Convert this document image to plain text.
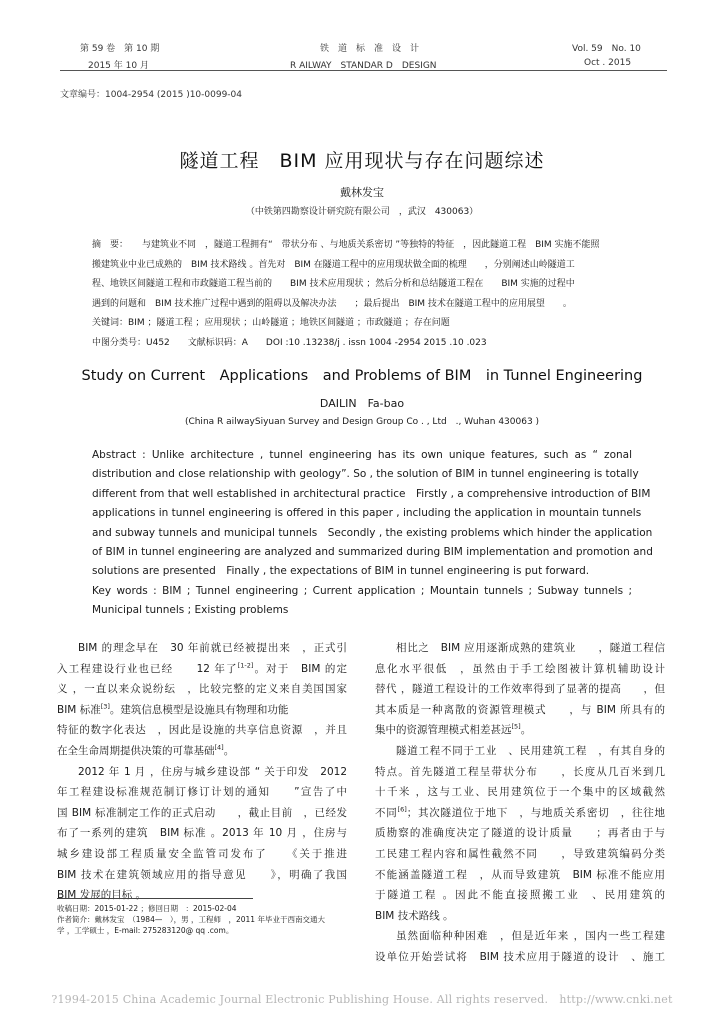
第 59 卷　第 10 期
2015 年 10 月
铁　道　标　准　设　计
R AILWAY　STANDAR D　DESIGN
Vol. 59　No. 10
Oct . 2015
文章编号：1004-2954 (2015 )10-0099-04
隧道工程　BIM 应用现状与存在问题综述
戴林发宝
（中铁第四勘察设计研究院有限公司　，武汉　430063）
摘　要： 与建筑业不同　，隧道工程拥有“　带状分布 、与地质关系密切 ”等独特的特征　，因此隧道工程　BIM 实施不能照
搬建筑业中业已成熟的　BIM 技术路线 。首先对　BIM 在隧道工程中的应用现状做全面的梳理　　，分别阐述山岭隧道工
程、地铁区间隧道工程和市政隧道工程当前的　　BIM 技术应用现状 ；然后分析和总结隧道工程在　　BIM 实施的过程中
遇到的问题和　BIM 技术推广过程中遇到的阻碍以及解决办法　　；最后提出　BIM 技术在隧道工程中的应用展望　　。
关键词：BIM ；隧道工程 ；应用现状 ；山岭隧道 ；地铁区间隧道 ；市政隧道 ；存在问题
中图分类号：U452　　文献标识码：A　　DOI :10 .13238/j . issn 1004 -2954 2015 .10 .023
Study on Current　Applications　and Problems of BIM　in Tunnel Engineering
DAILIN　Fa-bao
(China R ailwaySiyuan Survey and Design Group Co . , Ltd　., Wuhan 430063 )
Abstract : Unlike architecture , tunnel engineering has its own unique features, such as “ zonal
distribution and close relationship with geology”. So , the solution of BIM in tunnel engineering is totally
different from that well established in architectural practice　Firstly , a comprehensive introduction of BIM
applications in tunnel engineering is offered in this paper , including the application in mountain tunnels
and subway tunnels and municipal tunnels　Secondly , the existing problems which hinder the application
of BIM in tunnel engineering are analyzed and summarized during BIM implementation and promotion and
solutions are presented　Finally , the expectations of BIM in tunnel engineering is put forward.
Key words : BIM ; Tunnel engineering ; Current application ; Mountain tunnels ; Subway tunnels ;
Municipal tunnels ; Existing problems
BIM 的理念早在　30 年前就已经被提出来　，正式引
入工程建设行业也已经　　12 年了[1-2]。对于　BIM 的定
义 ，一直以来众说纷纭　，比较完整的定义来自美国国家
BIM 标准[3]。建筑信息模型是设施具有物理和功能
特征的数字化表达　，因此是设施的共享信息资源　，并且
在全生命周期提供决策的可靠基础[4]。
2012 年 1 月 ，住房与城乡建设部 “ 关于印发　2012
年工程建设标准规范制订修订计划的通知　　”宣告了中
国 BIM 标准制定工作的正式启动　　，截止目前　，已经发
布了一系列的建筑　BIM 标准 。2013 年 10 月 ，住房与
城乡建设部工程质量安全监管司发布了　　《关于推进
BIM 技术在建筑领域应用的指导意见　　》，明确了我国
BIM 发展的目标 。
相比之　BIM 应用逐渐成熟的建筑业　　，隧道工程信
息化水平很低　，虽然由于手工绘图被计算机辅助设计
替代 ，隧道工程设计的工作效率得到了显著的提高　　，但
其本质是一种离散的资源管理模式　　，与 BIM 所具有的
集中的资源管理模式相差甚远[5]。
隧道工程不同于工业　、民用建筑工程　，有其自身的
特点。首先隧道工程呈带状分布　　，长度从几百米到几
十千米 ，这与工业、民用建筑位于一个集中的区域截然
不同[6]；其次隧道位于地下　，与地质关系密切　，往往地
质勘察的准确度决定了隧道的设计质量　　；再者由于与
工民建工程内容和属性截然不同　　，导致建筑编码分类
不能涵盖隧道工程　，从而导致建筑　BIM 标准不能应用
于隧道工程 。因此不能直接照搬工业　、民用建筑的
BIM 技术路线 。
虽然面临种种困难　，但是近年来 ，国内一些工程建
设单位开始尝试将　BIM 技术应用于隧道的设计　、施工
收稿日期：2015-01-22 ；修回日期　：2015-02-04
作者简介：戴林发宝　（1984—　），男 ，工程师　，2011 年毕业于西南交通大
学 ，工学硕士 ，E-mail: 275283120@ qq .com。
?1994-2015 China Academic Journal Electronic Publishing House. All rights reserved.　http://www.cnki.net
